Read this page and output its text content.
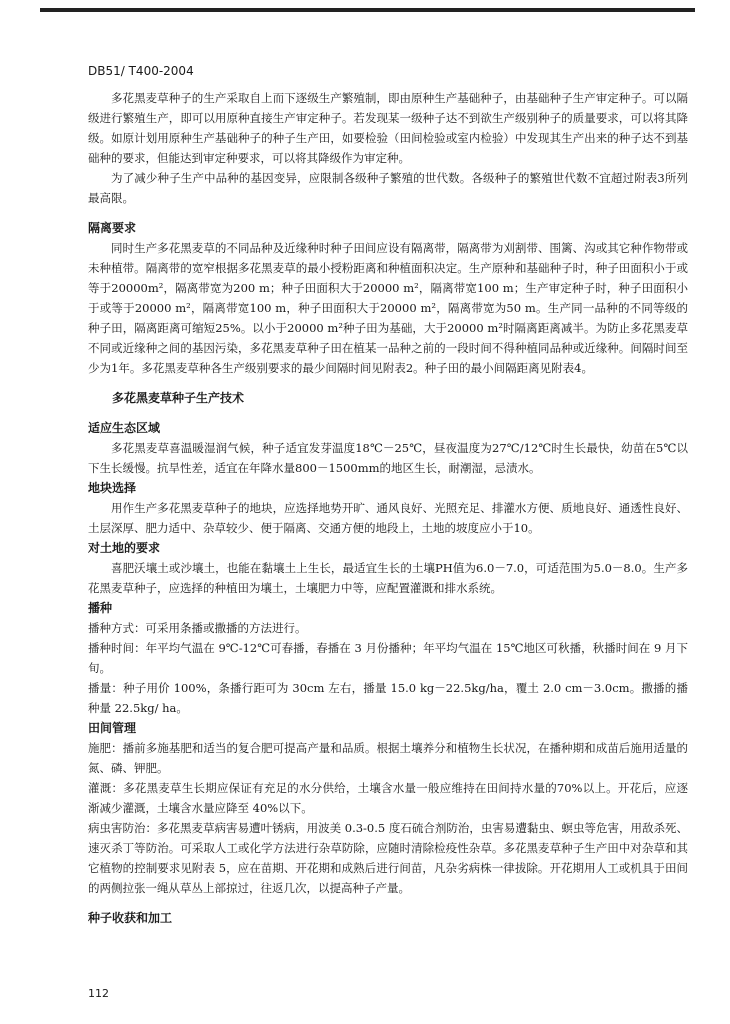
DB51/ T400-2004

多花黑麦草种子的生产采取自上而下逐级生产繁殖制，即由原种生产基础种子，由基础种子生产审定种子。可以隔级进行繁殖生产，即可以用原种直接生产审定种子。若发现某一级种子达不到欲生产级别种子的质量要求，可以将其降级。如原计划用原种生产基础种子的种子生产田，如要检验（田间检验或室内检验）中发现其生产出来的种子达不到基础种的要求，但能达到审定种要求，可以将其降级作为审定种。

为了减少种子生产中品种的基因变异，应限制各级种子繁殖的世代数。各级种子的繁殖世代数不宜超过附表3所列最高限。

隔离要求

同时生产多花黑麦草的不同品种及近缘种时种子田间应设有隔离带，隔离带为刈割带、围篱、沟或其它种作物带或未种植带。隔离带的宽窄根据多花黑麦草的最小授粉距离和种植面积决定。生产原种和基础种子时，种子田面积小于或等于20000m²，隔离带宽为200 m；种子田面积大于20000 m²，隔离带宽100 m；生产审定种子时，种子田面积小于或等于20000 m²，隔离带宽100 m，种子田面积大于20000 m²，隔离带宽为50 m。生产同一品种的不同等级的种子田，隔离距离可缩短25%。以小于20000 m²种子田为基础，大于20000 m²时隔离距离减半。为防止多花黑麦草不同或近缘种之间的基因污染，多花黑麦草种子田在植某一品种之前的一段时间不得种植同品种或近缘种。间隔时间至少为1年。多花黑麦草种各生产级别要求的最少间隔时间见附表2。种子田的最小间隔距离见附表4。

多花黑麦草种子生产技术
适应生态区域

多花黑麦草喜温暖湿润气候，种子适宜发芽温度18℃－25℃，昼夜温度为27℃/12℃时生长最快，幼苗在5℃以下生长缓慢。抗旱性差，适宜在年降水量800－1500mm的地区生长，耐潮湿，忌渍水。

地块选择

用作生产多花黑麦草种子的地块，应选择地势开旷、通风良好、光照充足、排灌水方便、质地良好、通透性良好、土层深厚、肥力适中、杂草较少、便于隔离、交通方便的地段上，土地的坡度应小于10。

对土地的要求

喜肥沃壤土或沙壤土，也能在黏壤土上生长，最适宜生长的土壤PH值为6.0－7.0，可适范围为5.0－8.0。生产多花黑麦草种子，应选择的种植田为壤土，土壤肥力中等，应配置灌溉和排水系统。

播种

播种方式：可采用条播或撒播的方法进行。

播种时间：年平均气温在 9℃-12℃可春播，春播在 3 月份播种；年平均气温在 15℃地区可秋播，秋播时间在 9 月下旬。

播量：种子用价 100%，条播行距可为 30cm 左右，播量 15.0 kg－22.5kg/ha，覆土 2.0 cm－3.0cm。撒播的播种量 22.5kg/ ha。

田间管理

施肥：播前多施基肥和适当的复合肥可提高产量和品质。根据土壤养分和植物生长状况，在播种期和成苗后施用适量的氮、磷、钾肥。

灌溉：多花黑麦草生长期应保证有充足的水分供给，土壤含水量一般应维持在田间持水量的70%以上。开花后，应逐渐减少灌溉，土壤含水量应降至 40%以下。

病虫害防治：多花黑麦草病害易遭叶锈病，用波美 0.3-0.5 度石硫合剂防治，虫害易遭黏虫、螟虫等危害，用敌杀死、速灭杀丁等防治。可采取人工或化学方法进行杂草防除，应随时清除检疫性杂草。多花黑麦草种子生产田中对杂草和其它植物的控制要求见附表 5，应在苗期、开花期和成熟后进行间苗，凡杂劣病株一律拔除。开花期用人工或机具于田间的两侧拉张一绳从草丛上部掠过，往返几次，以提高种子产量。

种子收获和加工
112
